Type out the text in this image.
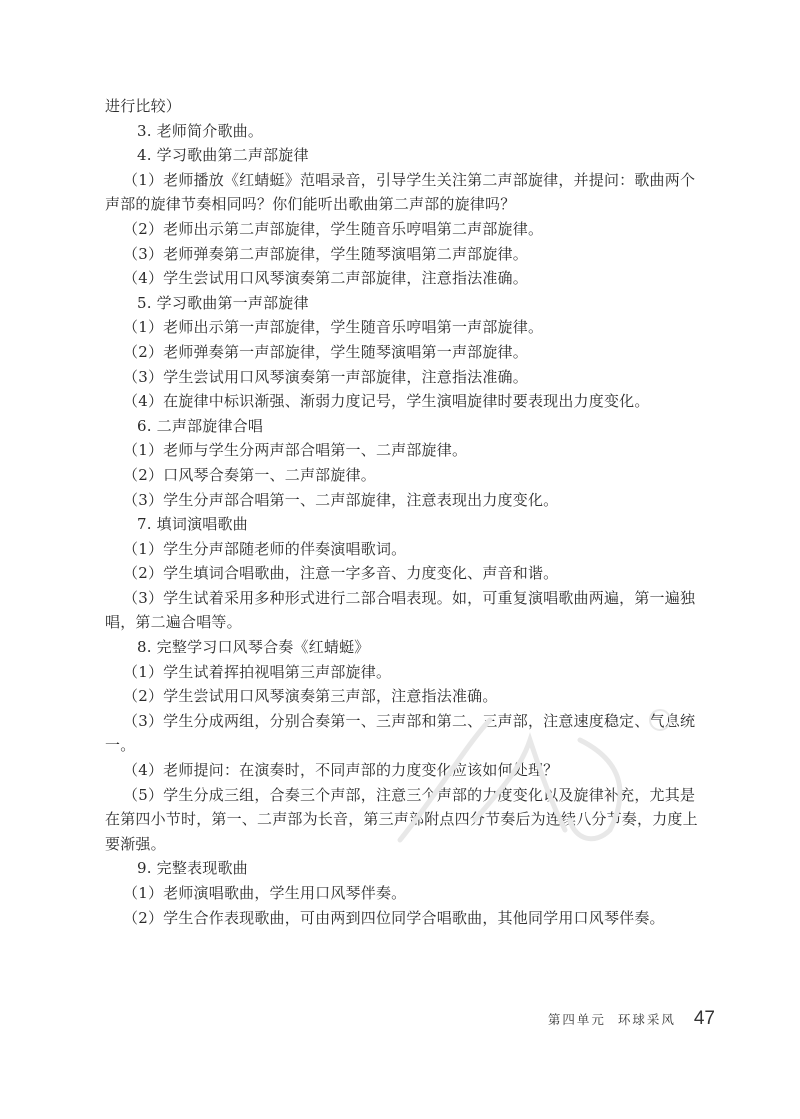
进行比较）
3. 老师简介歌曲。
4. 学习歌曲第二声部旋律
（1）老师播放《红蜻蜓》范唱录音，引导学生关注第二声部旋律，并提问：歌曲两个
声部的旋律节奏相同吗？你们能听出歌曲第二声部的旋律吗？
（2）老师出示第二声部旋律，学生随音乐哼唱第二声部旋律。
（3）老师弹奏第二声部旋律，学生随琴演唱第二声部旋律。
（4）学生尝试用口风琴演奏第二声部旋律，注意指法准确。
5. 学习歌曲第一声部旋律
（1）老师出示第一声部旋律，学生随音乐哼唱第一声部旋律。
（2）老师弹奏第一声部旋律，学生随琴演唱第一声部旋律。
（3）学生尝试用口风琴演奏第一声部旋律，注意指法准确。
（4）在旋律中标识渐强、渐弱力度记号，学生演唱旋律时要表现出力度变化。
6. 二声部旋律合唱
（1）老师与学生分两声部合唱第一、二声部旋律。
（2）口风琴合奏第一、二声部旋律。
（3）学生分声部合唱第一、二声部旋律，注意表现出力度变化。
7. 填词演唱歌曲
（1）学生分声部随老师的伴奏演唱歌词。
（2）学生填词合唱歌曲，注意一字多音、力度变化、声音和谐。
（3）学生试着采用多种形式进行二部合唱表现。如，可重复演唱歌曲两遍，第一遍独
唱，第二遍合唱等。
8. 完整学习口风琴合奏《红蜻蜓》
（1）学生试着挥拍视唱第三声部旋律。
（2）学生尝试用口风琴演奏第三声部，注意指法准确。
（3）学生分成两组，分别合奏第一、三声部和第二、三声部，注意速度稳定、气息统
一。
（4）老师提问：在演奏时，不同声部的力度变化应该如何处理？
（5）学生分成三组，合奏三个声部，注意三个声部的力度变化以及旋律补充，尤其是
在第四小节时，第一、二声部为长音，第三声部附点四分节奏后为连续八分节奏，力度上
要渐强。
9. 完整表现歌曲
（1）老师演唱歌曲，学生用口风琴伴奏。
（2）学生合作表现歌曲，可由两到四位同学合唱歌曲，其他同学用口风琴伴奏。
第四单元 环球采风 47
